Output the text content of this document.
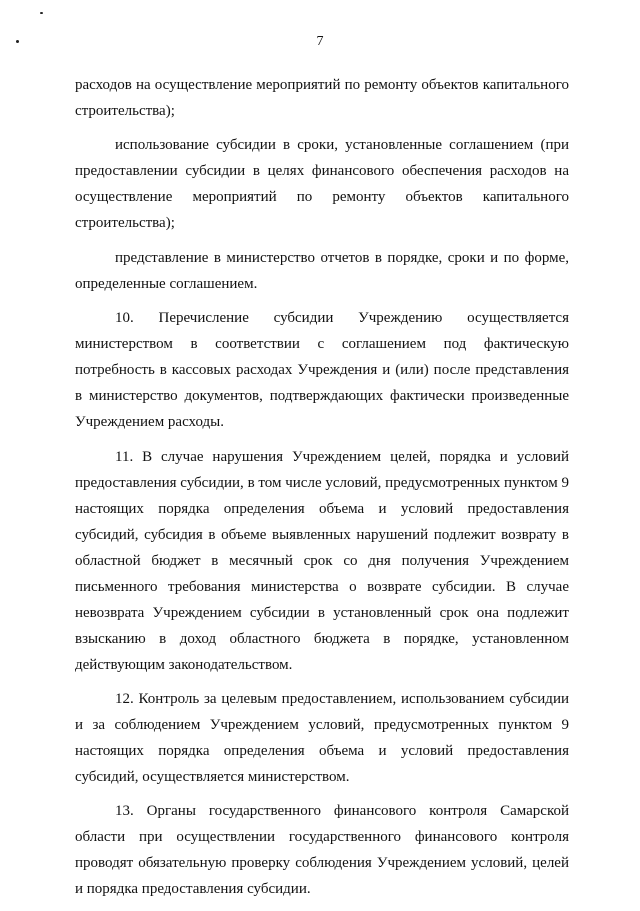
7

расходов на осуществление мероприятий по ремонту объектов капитального строительства);

использование субсидии в сроки, установленные соглашением (при предоставлении субсидии в целях финансового обеспечения расходов на осуществление мероприятий по ремонту объектов капитального строительства);

представление в министерство отчетов в порядке, сроки и по форме, определенные соглашением.

10. Перечисление субсидии Учреждению осуществляется министерством в соответствии с соглашением под фактическую потребность в кассовых расходах Учреждения и (или) после представления в министерство документов, подтверждающих фактически произведенные Учреждением расходы.

11. В случае нарушения Учреждением целей, порядка и условий предоставления субсидии, в том числе условий, предусмотренных пунктом 9 настоящих порядка определения объема и условий предоставления субсидий, субсидия в объеме выявленных нарушений подлежит возврату в областной бюджет в месячный срок со дня получения Учреждением письменного требования министерства о возврате субсидии. В случае невозврата Учреждением субсидии в установленный срок она подлежит взысканию в доход областного бюджета в порядке, установленном действующим законодательством.

12. Контроль за целевым предоставлением, использованием субсидии и за соблюдением Учреждением условий, предусмотренных пунктом 9 настоящих порядка определения объема и условий предоставления субсидий, осуществляется министерством.

13. Органы государственного финансового контроля Самарской области при осуществлении государственного финансового контроля проводят обязательную проверку соблюдения Учреждением условий, целей и порядка предоставления субсидии.
